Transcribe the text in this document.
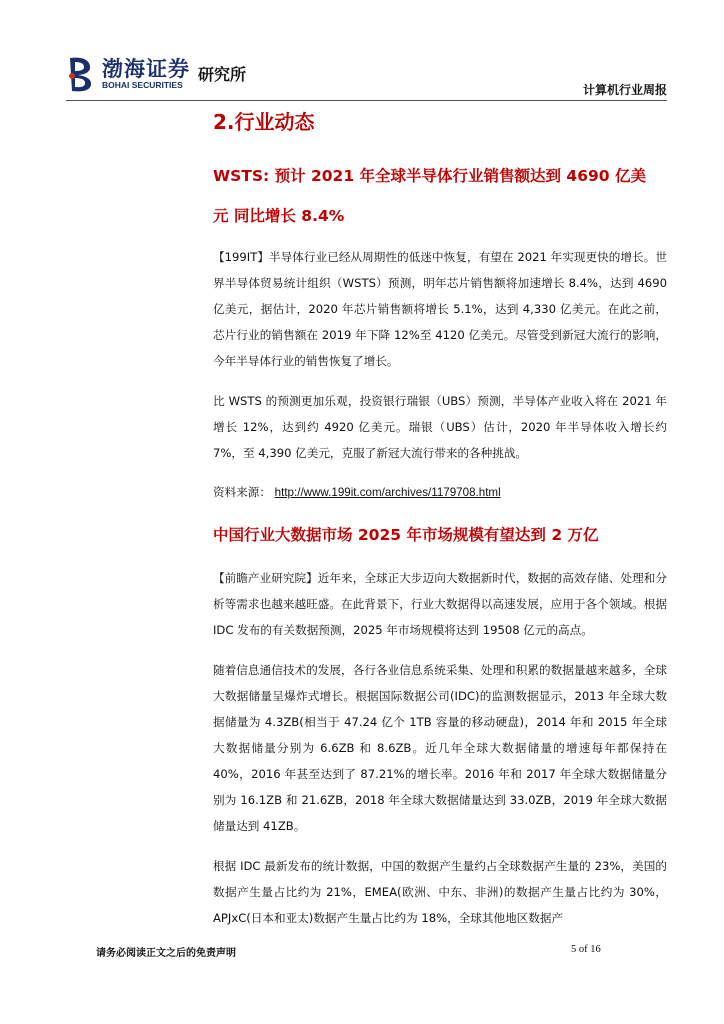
渤海证券
BOHAI SECURITIES
研究所
计算机行业周报
2.行业动态
WSTS: 预计 2021 年全球半导体行业销售额达到 4690 亿美
元 同比增长 8.4%

【199IT】半导体行业已经从周期性的低迷中恢复，有望在 2021 年实现更快的增长。世界半导体贸易统计组织（WSTS）预测，明年芯片销售额将加速增长 8.4%，达到 4690 亿美元，据估计，2020 年芯片销售额将增长 5.1%，达到 4,330 亿美元。在此之前，芯片行业的销售额在 2019 年下降 12%至 4120 亿美元。尽管受到新冠大流行的影响，今年半导体行业的销售恢复了增长。

比 WSTS 的预测更加乐观，投资银行瑞银（UBS）预测，半导体产业收入将在 2021 年增长 12%，达到约 4920 亿美元。瑞银（UBS）估计，2020 年半导体收入增长约 7%，至 4,390 亿美元，克服了新冠大流行带来的各种挑战。

资料来源： http://www.199it.com/archives/1179708.html

中国行业大数据市场 2025 年市场规模有望达到 2 万亿

【前瞻产业研究院】近年来，全球正大步迈向大数据新时代，数据的高效存储、处理和分析等需求也越来越旺盛。在此背景下，行业大数据得以高速发展，应用于各个领域。根据 IDC 发布的有关数据预测，2025 年市场规模将达到 19508 亿元的高点。

随着信息通信技术的发展，各行各业信息系统采集、处理和积累的数据量越来越多，全球大数据储量呈爆炸式增长。根据国际数据公司(IDC)的监测数据显示，2013 年全球大数据储量为 4.3ZB(相当于 47.24 亿个 1TB 容量的移动硬盘)，2014 年和 2015 年全球大数据储量分别为 6.6ZB 和 8.6ZB。近几年全球大数据储量的增速每年都保持在 40%，2016 年甚至达到了 87.21%的增长率。2016 年和 2017 年全球大数据储量分别为 16.1ZB 和 21.6ZB，2018 年全球大数据储量达到 33.0ZB，2019 年全球大数据储量达到 41ZB。

根据 IDC 最新发布的统计数据，中国的数据产生量约占全球数据产生量的 23%，美国的数据产生量占比约为 21%，EMEA(欧洲、中东、非洲)的数据产生量占比约为 30%，APJxC(日本和亚太)数据产生量占比约为 18%，全球其他地区数据产

请务必阅读正文之后的免责声明	5 of 16
